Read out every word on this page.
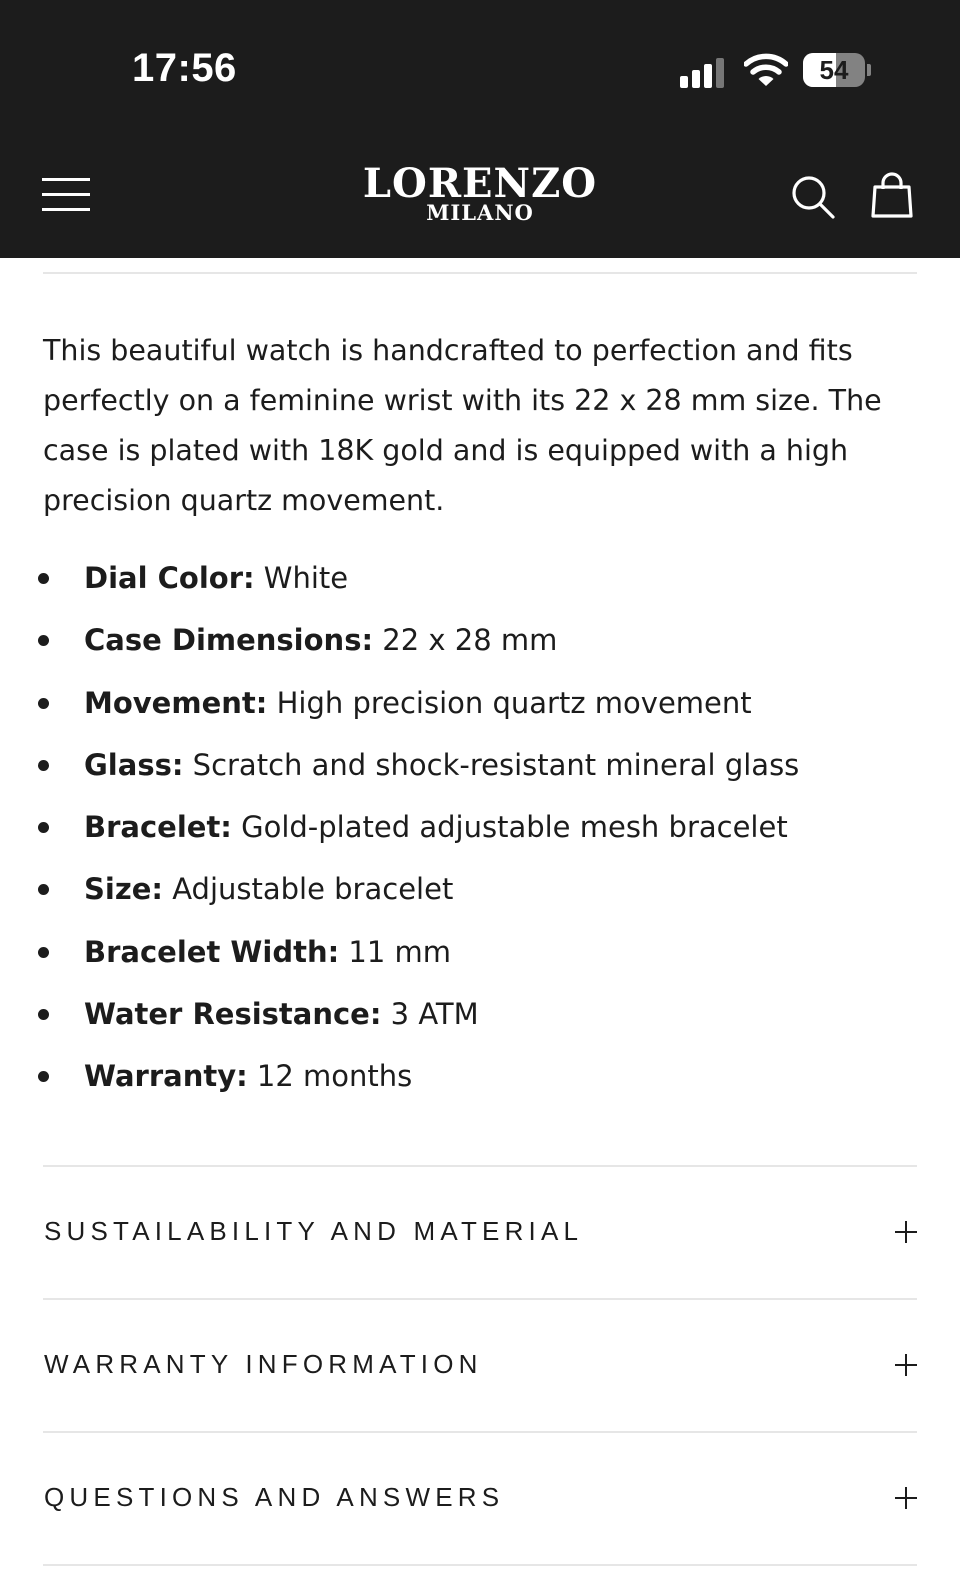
17:56	54
LORENZO
MILANO

This beautiful watch is handcrafted to perfection and fits perfectly on a feminine wrist with its 22 x 28 mm size. The case is plated with 18K gold and is equipped with a high precision quartz movement.

Dial Color: White
Case Dimensions: 22 x 28 mm
Movement: High precision quartz movement
Glass: Scratch and shock-resistant mineral glass
Bracelet: Gold-plated adjustable mesh bracelet
Size: Adjustable bracelet
Bracelet Width: 11 mm
Water Resistance: 3 ATM
Warranty: 12 months
SUSTAILABILITY AND MATERIAL
WARRANTY INFORMATION
QUESTIONS AND ANSWERS
